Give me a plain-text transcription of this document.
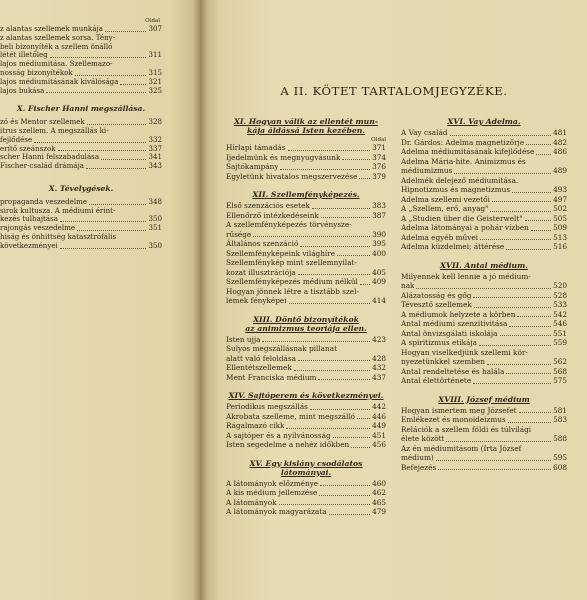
Oldal
z alantas szellemek munkája	307
z alantas szellemek sorsa. Tény-
beli bizonyíték a szellem önálló
létét illetőleg	311
lajos médiumitása. Szellemazo-
nosság bizonyítékok	315
lajos médiumitásának kiválósága	321
lajos bukása	325
X. Fischer Hanni megszállása.
zó és Mentor szellemek	328
itrus szellem. A megszállás ki-
fejlődése	332
erítő szeánszok	337
scher Hanni felszabadulása	341
Fischer-család drámája	343
X. Tévelygések.
propaganda veszedelme	348
sirok kultusza. A médiumi érint-
kezés tulhajtása	350
rajongás veszedelme	351
hiság és önhittség katasztrófális
következményei	350
A II. KÖTET TARTALOMJEGYZÉKE.
XI. Hogyan válik az ellentét mun-
kája áldássá Isten kezében.
Oldal
Hírlapi támadás	371
Ijedelmünk és megnyugvásunk	374
Sajtókampány	376
Egyletünk hivatalos megszervezése 379
XII. Szellemfényképezés.
Első szenzációs esetek	383
Ellenőrző intézkedéseink	387
A szellemfényképezés törvénysze-
rűsége	390
Általános szenzáció	395
Szellemfényképeink világhíre	400
Szellemfénykép mint szellemnyilat-
kozat illusztrációja	405
Szellemfényképezés médium nélkül 409
Hogyan jönnek létre a tisztább szel-
lemek fényképei	414
XIII. Döntő bizonyítékok
az animizmus teoriája ellen.
Isten ujja	423
Sulyos megszállásnak pillanat
alatt való feloldása	428
Ellentétszellemek	432
Ment Franciska médium	437
XIV. Sajtóperem és következményei.
Periodikus megszállás	442
Akrobata szelleme, mint megszálló 446
Rágalmazó cikk	449
A sajtóper és a nyilvánosság	451
Isten segedelme a nehéz időkben	456
XV. Egy kislány csodálatos
látományai.
A látományok előzménye	460
A kis médium jellemzése	462
A látományok	465
A látományok magyarázata	479
XVI. Vay Adelma.
A Vay család	481
Dr. Gárdos: Adelma magnetizőrje	482
Adelma médiumitásának kifejlődése	486
Adelma Mária-hite. Animizmus és
médiumizmus	489
Adelmék delejező médiumitása.
Hipnotizmus és magnetizmus	493
Adelma szellemi vezetői	497
A „Szellem, erő, anyag"	502
A „Studien über die Geisterwelt"	505
Adelma látományai a pohár vízben	509
Adelma egyéb művei	513
Adelma küzdelmei; áttérése	516
XVII. Antal médium.
Milyennek kell lennie a jó médium-
nak	520
Alázatosság és gőg	528
Tévesztő szellemek	533
A médiumok helyzete a körben	542
Antal médiumi szenzitivitása	546
Antal önvizsgálati iskolája	551
A spiritizmus etikája	559
Hogyan viselkedjünk szellemi kör-
nyezetünkkel szemben	562
Antal rendeltetése és halála	568
Antal élettörténete	575
XVIII. József médium
Hogyan ismertem meg Józsefet	581
Emlékezet és monoideizmus	583
Relációk a szellem földi és túlvilági
élete között	588
Az én médiumitásom (Irta József
médium)	595
Befejezés	608
